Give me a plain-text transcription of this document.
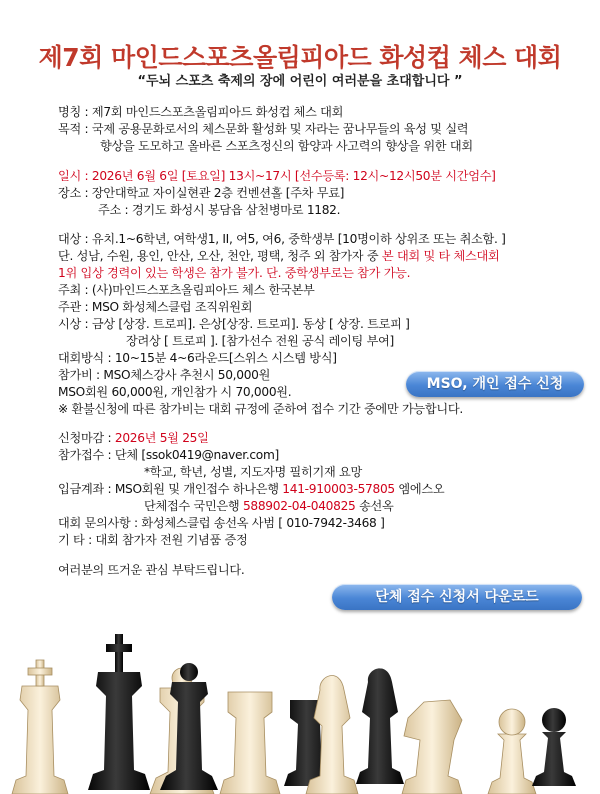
제7회 마인드스포츠올림피아드 화성컵 체스 대회
“두뇌 스포츠 축제의 장에 어린이 여러분을 초대합니다 ”
명칭 : 제7회 마인드스포츠올림피아드 화성컵 체스 대회
목적 : 국제 공용문화로서의 체스문화 활성화 및 자라는 꿈나무들의 육성 및 실력
향상을 도모하고 올바른 스포츠정신의 함양과 사고력의 향상을 위한 대회
일시 : 2026년 6월 6일 [토요일] 13시~17시 [선수등록: 12시~12시50분 시간엄수]
장소 : 장안대학교 자이실현관 2층 컨벤션홀 [주차 무료]
주소 : 경기도 화성시 봉담읍 삼천병마로 1182.
대상 : 유치.1~6학년, 여학생1, II, 여5, 여6, 중학생부 [10명이하 상위조 또는 취소함. ]
단. 성남, 수원, 용인, 안산, 오산, 천안, 평택, 청주 외 참가자 중 본 대회 및 타 체스대회
1위 입상 경력이 있는 학생은 참가 불가. 단. 중학생부로는 참가 가능.
주최 : (사)마인드스포츠올림피아드 체스 한국본부
주관 : MSO 화성체스클럽 조직위원회
시상 : 금상 [상장. 트로피]. 은상[상장. 트로피]. 동상 [ 상장. 트로피 ]
장려상 [ 트로피 ]. [참가선수 전원 공식 레이팅 부여]
대회방식 : 10~15분 4~6라운드[스위스 시스템 방식]
참가비 : MSO체스강사 추천시 50,000원
MSO회원 60,000원, 개인참가 시 70,000원.
※ 환불신청에 따른 참가비는 대회 규정에 준하여 접수 기간 중에만 가능합니다.
신청마감 : 2026년 5월 25일
참가접수 : 단체 [ssok0419@naver.com]
*학교, 학년, 성별, 지도자명 필히기재 요망
입금계좌 : MSO회원 및 개인접수 하나은행 141-910003-57805 엠에스오
단체접수 국민은행 588902-04-040825 송선옥
대회 문의사항 : 화성체스클럽 송선옥 사범 [ 010-7942-3468 ]
기 타 : 대회 참가자 전원 기념품 증정
여러분의 뜨거운 관심 부탁드립니다.
MSO, 개인 접수 신청
단체 접수 신청서 다운로드
